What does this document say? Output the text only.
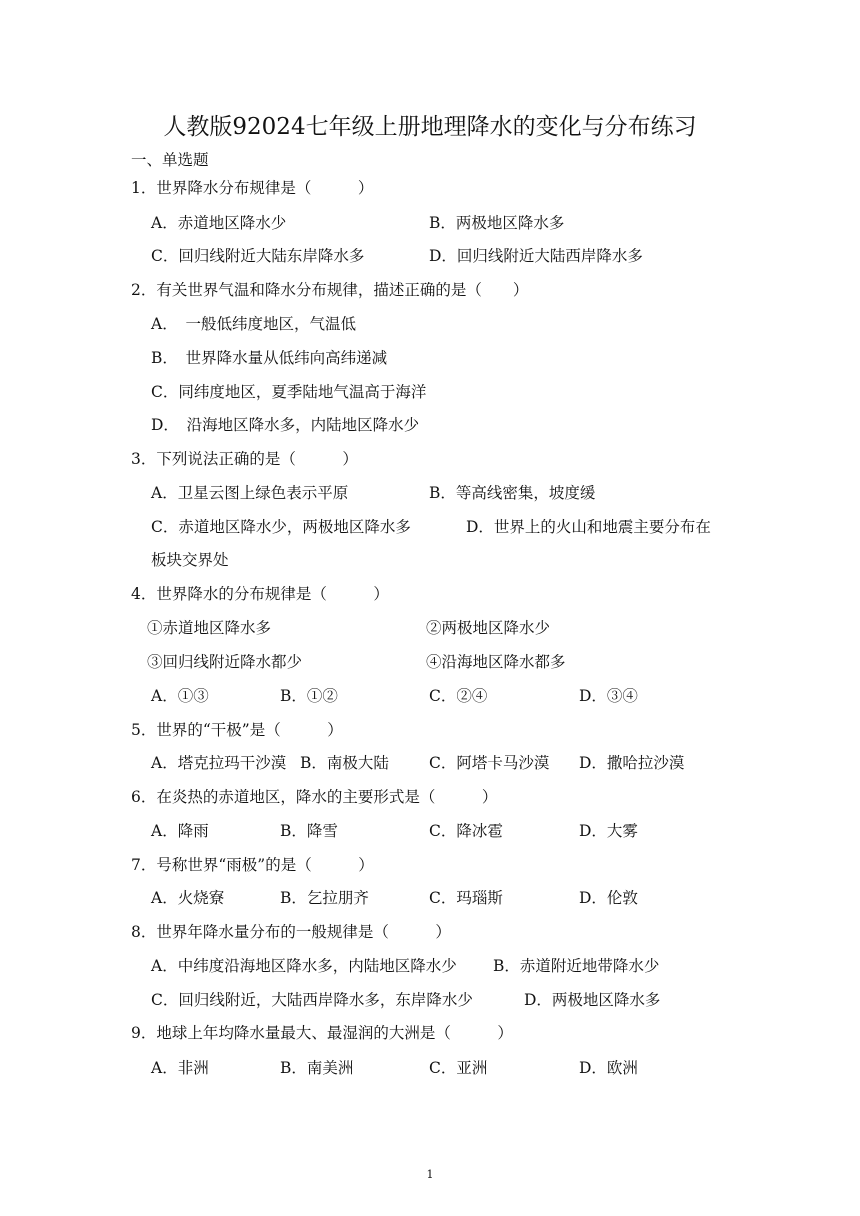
人教版92024七年级上册地理降水的变化与分布练习
一、单选题
1．世界降水分布规律是（　　　）
A．赤道地区降水少	B．两极地区降水多
C．回归线附近大陆东岸降水多	D．回归线附近大陆西岸降水多
2．有关世界气温和降水分布规律，描述正确的是（　　）
A．　一般低纬度地区，气温低
B．　世界降水量从低纬向高纬递减
C．同纬度地区，夏季陆地气温高于海洋
D．　沿海地区降水多，内陆地区降水少
3．下列说法正确的是（　　　）
A．卫星云图上绿色表示平原	B．等高线密集，坡度缓
C．赤道地区降水少，两极地区降水多	D．世界上的火山和地震主要分布在
板块交界处
4．世界降水的分布规律是（　　　）
①赤道地区降水多	②两极地区降水少
③回归线附近降水都少	④沿海地区降水都多
A．①③	B．①②	C．②④	D．③④
5．世界的“干极”是（　　　）
A．塔克拉玛干沙漠 B．南极大陆	C．阿塔卡马沙漠 D．撒哈拉沙漠
6．在炎热的赤道地区，降水的主要形式是（　　　）
A．降雨	B．降雪	C．降冰雹	D．大雾
7．号称世界“雨极”的是（　　　）
A．火烧寮	B．乞拉朋齐	C．玛瑙斯	D．伦敦
8．世界年降水量分布的一般规律是（　　　）
A．中纬度沿海地区降水多，内陆地区降水少 B．赤道附近地带降水少
C．回归线附近，大陆西岸降水多，东岸降水少	D．两极地区降水多
9．地球上年均降水量最大、最湿润的大洲是（　　　）
A．非洲	B．南美洲	C．亚洲	D．欧洲
1
